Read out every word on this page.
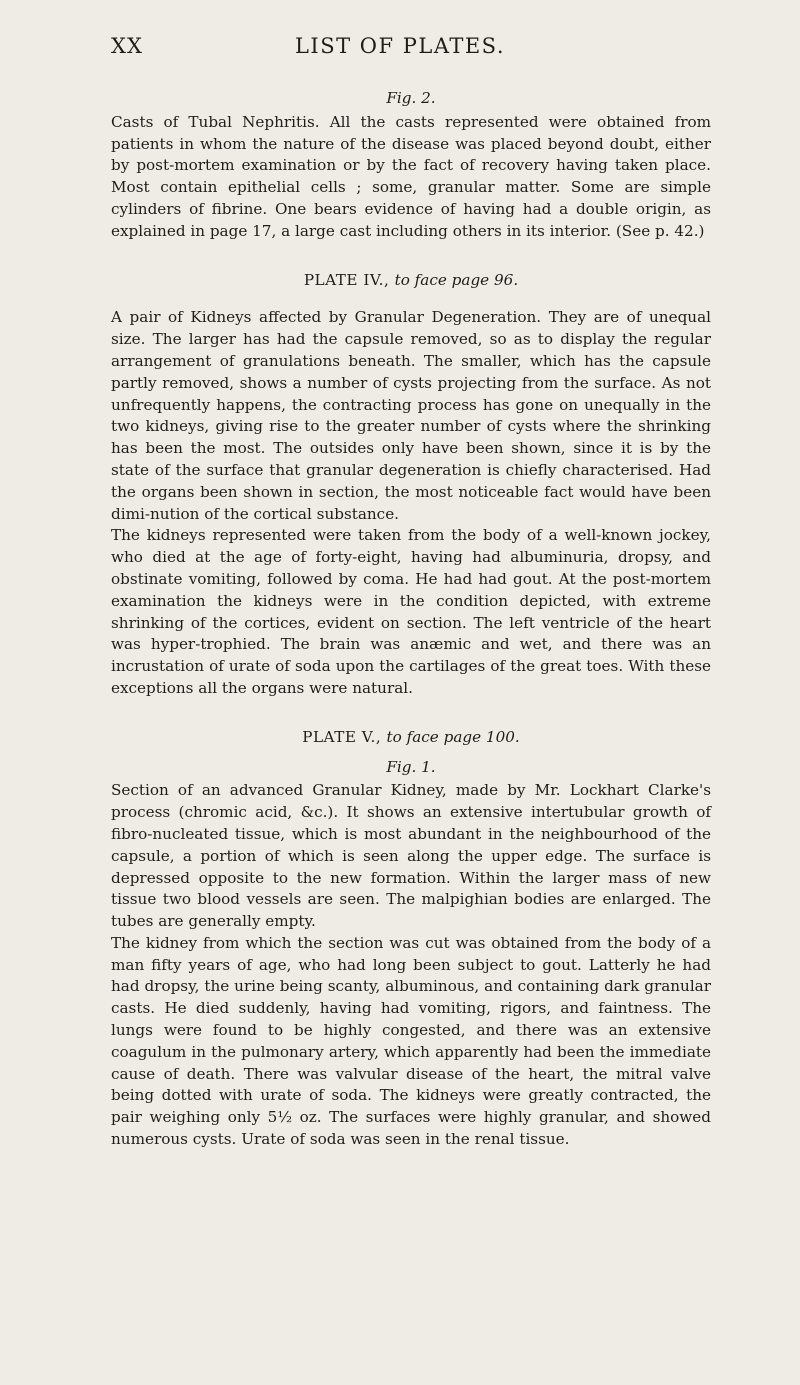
XX	LIST OF PLATES.
Fig. 2.

Casts of Tubal Nephritis. All the casts represented were obtained from patients in whom the nature of the disease was placed beyond doubt, either by post-mortem examination or by the fact of recovery having taken place. Most contain epithelial cells ; some, granular matter. Some are simple cylinders of fibrine. One bears evidence of having had a double origin, as explained in page 17, a large cast including others in its interior. (See p. 42.)

PLATE IV., to face page 96.

A pair of Kidneys affected by Granular Degeneration. They are of unequal size. The larger has had the capsule removed, so as to display the regular arrangement of granulations beneath. The smaller, which has the capsule partly removed, shows a number of cysts projecting from the surface. As not unfrequently happens, the contracting process has gone on unequally in the two kidneys, giving rise to the greater number of cysts where the shrinking has been the most. The outsides only have been shown, since it is by the state of the surface that granular degeneration is chiefly characterised. Had the organs been shown in section, the most noticeable fact would have been dimi-nution of the cortical substance.

The kidneys represented were taken from the body of a well-known jockey, who died at the age of forty-eight, having had albuminuria, dropsy, and obstinate vomiting, followed by coma. He had had gout. At the post-mortem examination the kidneys were in the condition depicted, with extreme shrinking of the cortices, evident on section. The left ventricle of the heart was hyper-trophied. The brain was anæmic and wet, and there was an incrustation of urate of soda upon the cartilages of the great toes. With these exceptions all the organs were natural.

PLATE V., to face page 100.

Fig. 1.

Section of an advanced Granular Kidney, made by Mr. Lockhart Clarke's process (chromic acid, &c.). It shows an extensive intertubular growth of fibro-nucleated tissue, which is most abundant in the neighbourhood of the capsule, a portion of which is seen along the upper edge. The surface is depressed opposite to the new formation. Within the larger mass of new tissue two blood vessels are seen. The malpighian bodies are enlarged. The tubes are generally empty.

The kidney from which the section was cut was obtained from the body of a man fifty years of age, who had long been subject to gout. Latterly he had had dropsy, the urine being scanty, albuminous, and containing dark granular casts. He died suddenly, having had vomiting, rigors, and faintness. The lungs were found to be highly congested, and there was an extensive coagulum in the pulmonary artery, which apparently had been the immediate cause of death. There was valvular disease of the heart, the mitral valve being dotted with urate of soda. The kidneys were greatly contracted, the pair weighing only 5½ oz. The surfaces were highly granular, and showed numerous cysts. Urate of soda was seen in the renal tissue.
